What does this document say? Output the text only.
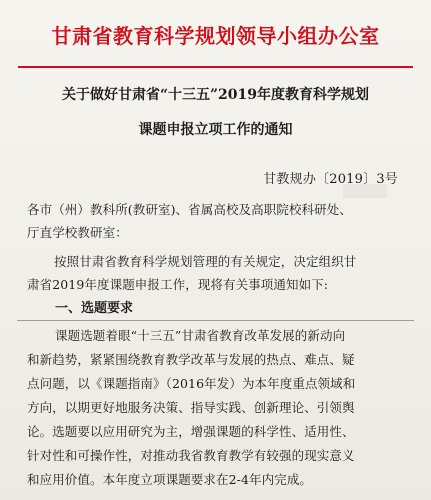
甘肃省教育科学规划领导小组办公室
关于做好甘肃省“十三五”2019年度教育科学规划
课题申报立项工作的通知
甘教规办〔2019〕3号
各市（州）教科所(教研室)、省属高校及高职院校科研处、
厅直学校教研室：
按照甘肃省教育科学规划管理的有关规定，决定组织甘
肃省2019年度课题申报工作，现将有关事项通知如下:
一、选题要求
课题选题着眼“十三五”甘肃省教育改革发展的新动向
和新趋势，紧紧围绕教育教学改革与发展的热点、难点、疑
点问题，以《课题指南》（2016年发）为本年度重点领域和
方向，以期更好地服务决策、指导实践、创新理论、引领舆
论。选题要以应用研究为主，增强课题的科学性、适用性、
针对性和可操作性，对推动我省教育教学有较强的现实意义
和应用价值。本年度立项课题要求在2-4年内完成。
